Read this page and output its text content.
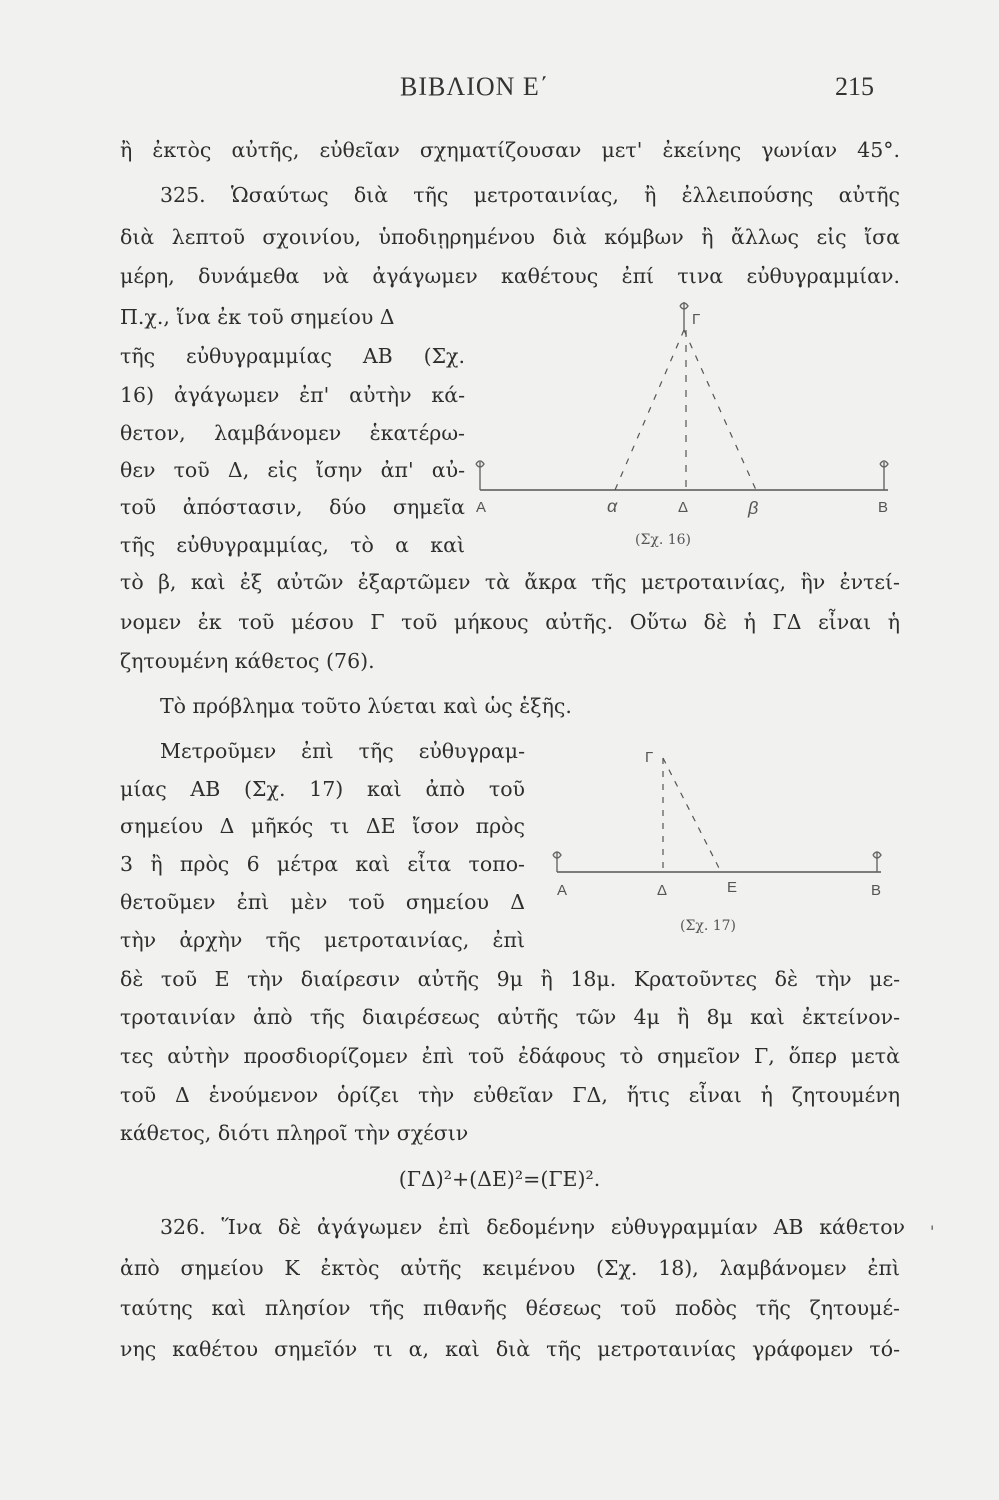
ΒΙΒΛΙΟΝ Ε΄	215
ἢ ἐκτὸς αὐτῆς, εὐθεῖαν σχηματίζουσαν μετ' ἐκείνης γωνίαν 45°.
325. Ὡσαύτως διὰ τῆς μετροταινίας, ἢ ἐλλειπούσης αὐτῆς
διὰ λεπτοῦ σχοινίου, ὑποδιῃρημένου διὰ κόμβων ἢ ἄλλως εἰς ἴσα
μέρη, δυνάμεθα νὰ ἀγάγωμεν καθέτους ἐπί τινα εὐθυγραμμίαν.
Π.χ., ἵνα ἐκ τοῦ σημείου Δ
τῆς εὐθυγραμμίας ΑΒ (Σχ.
16) ἀγάγωμεν ἐπ' αὐτὴν κά-
θετον, λαμβάνομεν ἑκατέρω-
θεν τοῦ Δ, εἰς ἴσην ἀπ' αὐ-
τοῦ ἀπόστασιν, δύο σημεῖα
τῆς εὐθυγραμμίας, τὸ α καὶ
τὸ β, καὶ ἐξ αὐτῶν ἐξαρτῶμεν τὰ ἄκρα τῆς μετροταινίας, ἣν ἐντεί-
νομεν ἐκ τοῦ μέσου Γ τοῦ μήκους αὐτῆς. Οὕτω δὲ ἡ ΓΔ εἶναι ἡ
ζητουμένη κάθετος (76).
Τὸ πρόβλημα τοῦτο λύεται καὶ ὡς ἑξῆς.
Μετροῦμεν ἐπὶ τῆς εὐθυγραμ-
μίας ΑΒ (Σχ. 17) καὶ ἀπὸ τοῦ
σημείου Δ μῆκός τι ΔΕ ἴσον πρὸς
3 ἢ πρὸς 6 μέτρα καὶ εἶτα τοπο-
θετοῦμεν ἐπὶ μὲν τοῦ σημείου Δ
τὴν ἀρχὴν τῆς μετροταινίας, ἐπὶ
δὲ τοῦ Ε τὴν διαίρεσιν αὐτῆς 9μ ἢ 18μ. Κρατοῦντες δὲ τὴν με-
τροταινίαν ἀπὸ τῆς διαιρέσεως αὐτῆς τῶν 4μ ἢ 8μ καὶ ἐκτείνον-
τες αὐτὴν προσδιορίζομεν ἐπὶ τοῦ ἐδάφους τὸ σημεῖον Γ, ὅπερ μετὰ
τοῦ Δ ἑνούμενον ὁρίζει τὴν εὐθεῖαν ΓΔ, ἥτις εἶναι ἡ ζητουμένη
κάθετος, διότι πληροῖ τὴν σχέσιν
(ΓΔ)²+(ΔΕ)²=(ΓΕ)².
326. Ἵνα δὲ ἀγάγωμεν ἐπὶ δεδομένην εὐθυγραμμίαν ΑΒ κάθετον
ἀπὸ σημείου Κ ἐκτὸς αὐτῆς κειμένου (Σχ. 18), λαμβάνομεν ἐπὶ
ταύτης καὶ πλησίον τῆς πιθανῆς θέσεως τοῦ ποδὸς τῆς ζητουμέ-
νης καθέτου σημεῖόν τι α, καὶ διὰ τῆς μετροταινίας γράφομεν τό-
'
Γ
Α	α	Δ	β	Β
(Σχ. 16)
Γ
Α	Δ	Ε	Β
(Σχ. 17)
